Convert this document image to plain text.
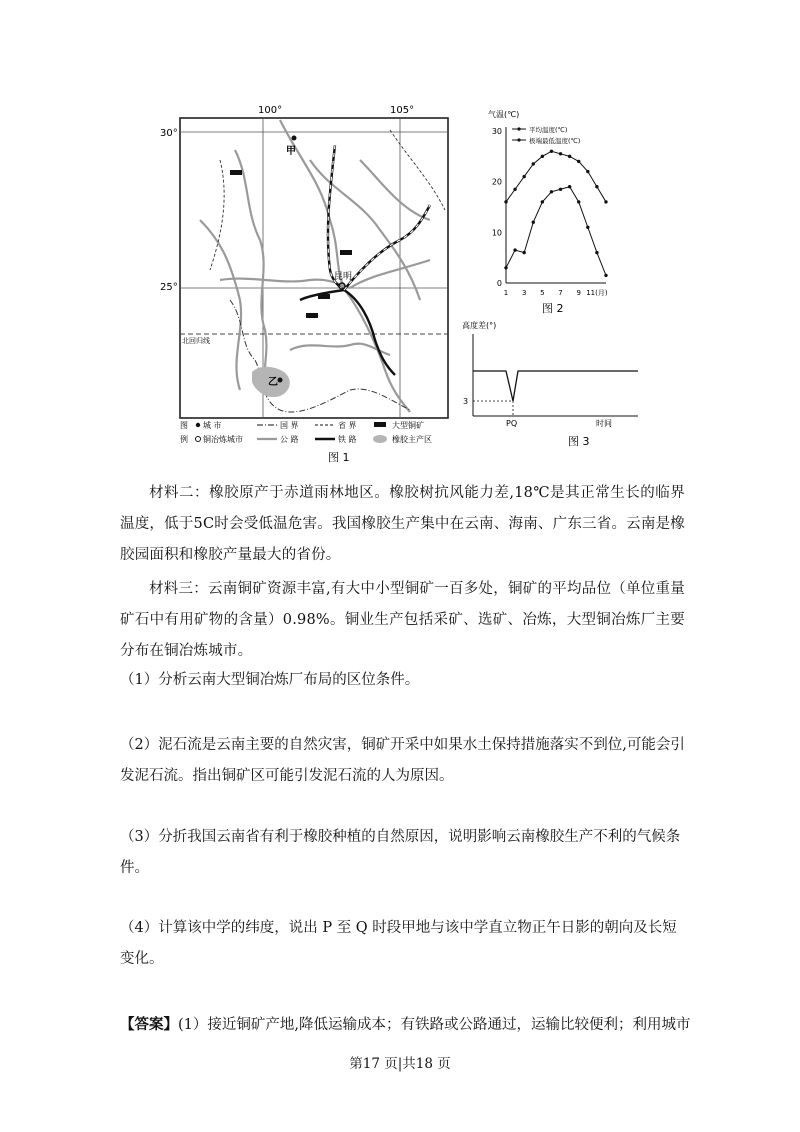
100°	105°
30°
25°
北回归线
甲
昆明
乙
图
例
城 市
铜冶炼城市
国 界
公 路
省 界
铁 路
大型铜矿
橡胶主产区
图 1
气温(℃)
0
10
20
30
1 3 5 7 9 11(月)
平均温度(℃)
极端最低温度(℃)
图 2
高度差(°)
3
PQ	时间
图 3
材料二：橡胶原产于赤道雨林地区。橡胶树抗风能力差,18℃是其正常生长的临界温度，低于5C时会受低温危害。我国橡胶生产集中在云南、海南、广东三省。云南是橡胶园面积和橡胶产量最大的省份。
材料三：云南铜矿资源丰富,有大中小型铜矿一百多处，铜矿的平均品位（单位重量矿石中有用矿物的含量）0.98%。铜业生产包括采矿、选矿、冶炼，大型铜冶炼厂主要分布在铜冶炼城市。
（1）分析云南大型铜冶炼厂布局的区位条件。
（2）泥石流是云南主要的自然灾害，铜矿开采中如果水土保持措施落实不到位,可能会引发泥石流。指出铜矿区可能引发泥石流的人为原因。
（3）分折我国云南省有利于橡胶种植的自然原因，说明影响云南橡胶生产不利的气候条件。
（4）计算该中学的纬度，说出 P 至 Q 时段甲地与该中学直立物正午日影的朝向及长短变化。
【答案】(1）接近铜矿产地,降低运输成本；有铁路或公路通过，运输比较便利；利用城市
第17 页|共18 页
